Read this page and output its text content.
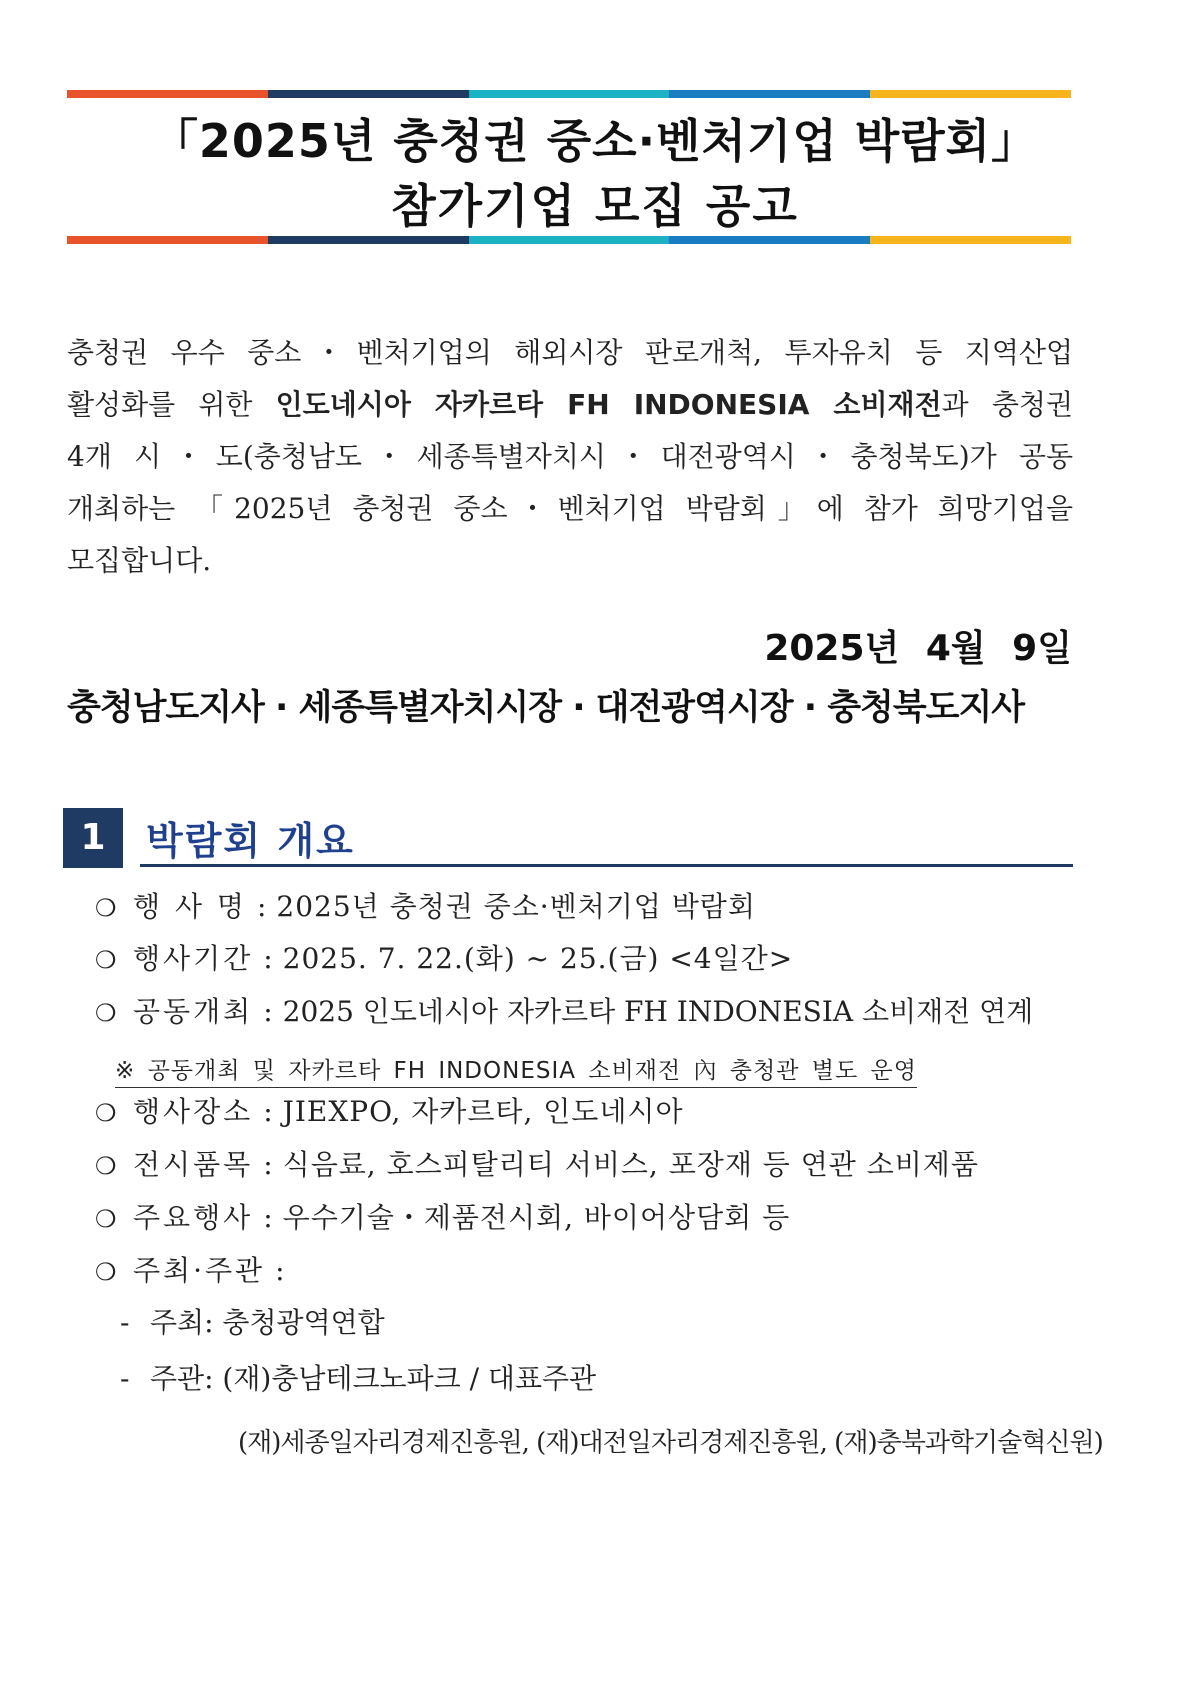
「2025년 충청권 중소·벤처기업 박람회」
참가기업 모집 공고
충청권 우수 중소・벤처기업의 해외시장 판로개척, 투자유치 등 지역산업
활성화를 위한 인도네시아 자카르타 FH INDONESIA 소비재전과 충청권
4개 시・도(충청남도・세종특별자치시・대전광역시・충청북도)가 공동
개최하는 「2025년 충청권 중소・벤처기업 박람회」에 참가 희망기업을
모집합니다.
2025년 4월 9일
충청남도지사 · 세종특별자치시장 · 대전광역시장 · 충청북도지사
1	박람회 개요
❍ 행 사 명 : 2025년 충청권 중소·벤처기업 박람회
❍ 행사기간 : 2025. 7. 22.(화) ~ 25.(금) <4일간>
❍ 공동개최 : 2025 인도네시아 자카르타 FH INDONESIA 소비재전 연계
※ 공동개최 및 자카르타 FH INDONESIA 소비재전 內 충청관 별도 운영
❍ 행사장소 : JIEXPO, 자카르타, 인도네시아
❍ 전시품목 : 식음료, 호스피탈리티 서비스, 포장재 등 연관 소비제품
❍ 주요행사 : 우수기술・제품전시회, 바이어상담회 등
❍ 주최·주관 :
- 주최: 충청광역연합
- 주관: (재)충남테크노파크 / 대표주관
(재)세종일자리경제진흥원, (재)대전일자리경제진흥원, (재)충북과학기술혁신원)
